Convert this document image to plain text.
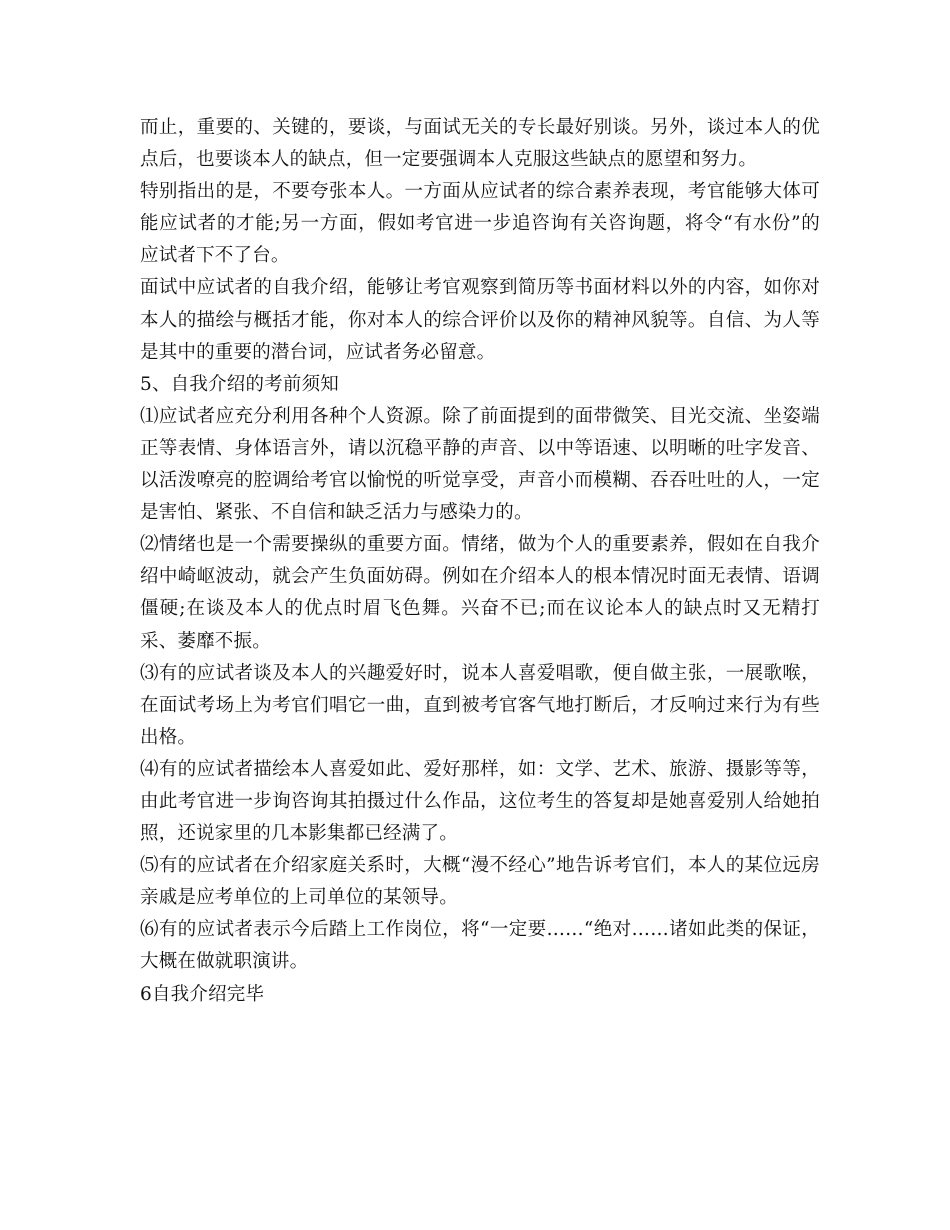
而止，重要的、关键的，要谈，与面试无关的专长最好别谈。另外，谈过本人的优点后，也要谈本人的缺点，但一定要强调本人克服这些缺点的愿望和努力。

特别指出的是，不要夸张本人。一方面从应试者的综合素养表现，考官能够大体可能应试者的才能;另一方面，假如考官进一步追咨询有关咨询题，将令“有水份”的应试者下不了台。

面试中应试者的自我介绍，能够让考官观察到简历等书面材料以外的内容，如你对本人的描绘与概括才能，你对本人的综合评价以及你的精神风貌等。自信、为人等是其中的重要的潜台词，应试者务必留意。

5、自我介绍的考前须知

⑴应试者应充分利用各种个人资源。除了前面提到的面带微笑、目光交流、坐姿端正等表情、身体语言外，请以沉稳平静的声音、以中等语速、以明晰的吐字发音、以活泼嘹亮的腔调给考官以愉悦的听觉享受，声音小而模糊、吞吞吐吐的人，一定是害怕、紧张、不自信和缺乏活力与感染力的。

⑵情绪也是一个需要操纵的重要方面。情绪，做为个人的重要素养，假如在自我介绍中崎岖波动，就会产生负面妨碍。例如在介绍本人的根本情况时面无表情、语调僵硬;在谈及本人的优点时眉飞色舞。兴奋不已;而在议论本人的缺点时又无精打采、萎靡不振。

⑶有的应试者谈及本人的兴趣爱好时，说本人喜爱唱歌，便自做主张，一展歌喉，在面试考场上为考官们唱它一曲，直到被考官客气地打断后，才反响过来行为有些出格。

⑷有的应试者描绘本人喜爱如此、爱好那样，如：文学、艺术、旅游、摄影等等，由此考官进一步询咨询其拍摄过什么作品，这位考生的答复却是她喜爱别人给她拍照，还说家里的几本影集都已经满了。

⑸有的应试者在介绍家庭关系时，大概“漫不经心”地告诉考官们，本人的某位远房亲戚是应考单位的上司单位的某领导。

⑹有的应试者表示今后踏上工作岗位，将“一定要……“绝对……诸如此类的保证，大概在做就职演讲。

6自我介绍完毕
